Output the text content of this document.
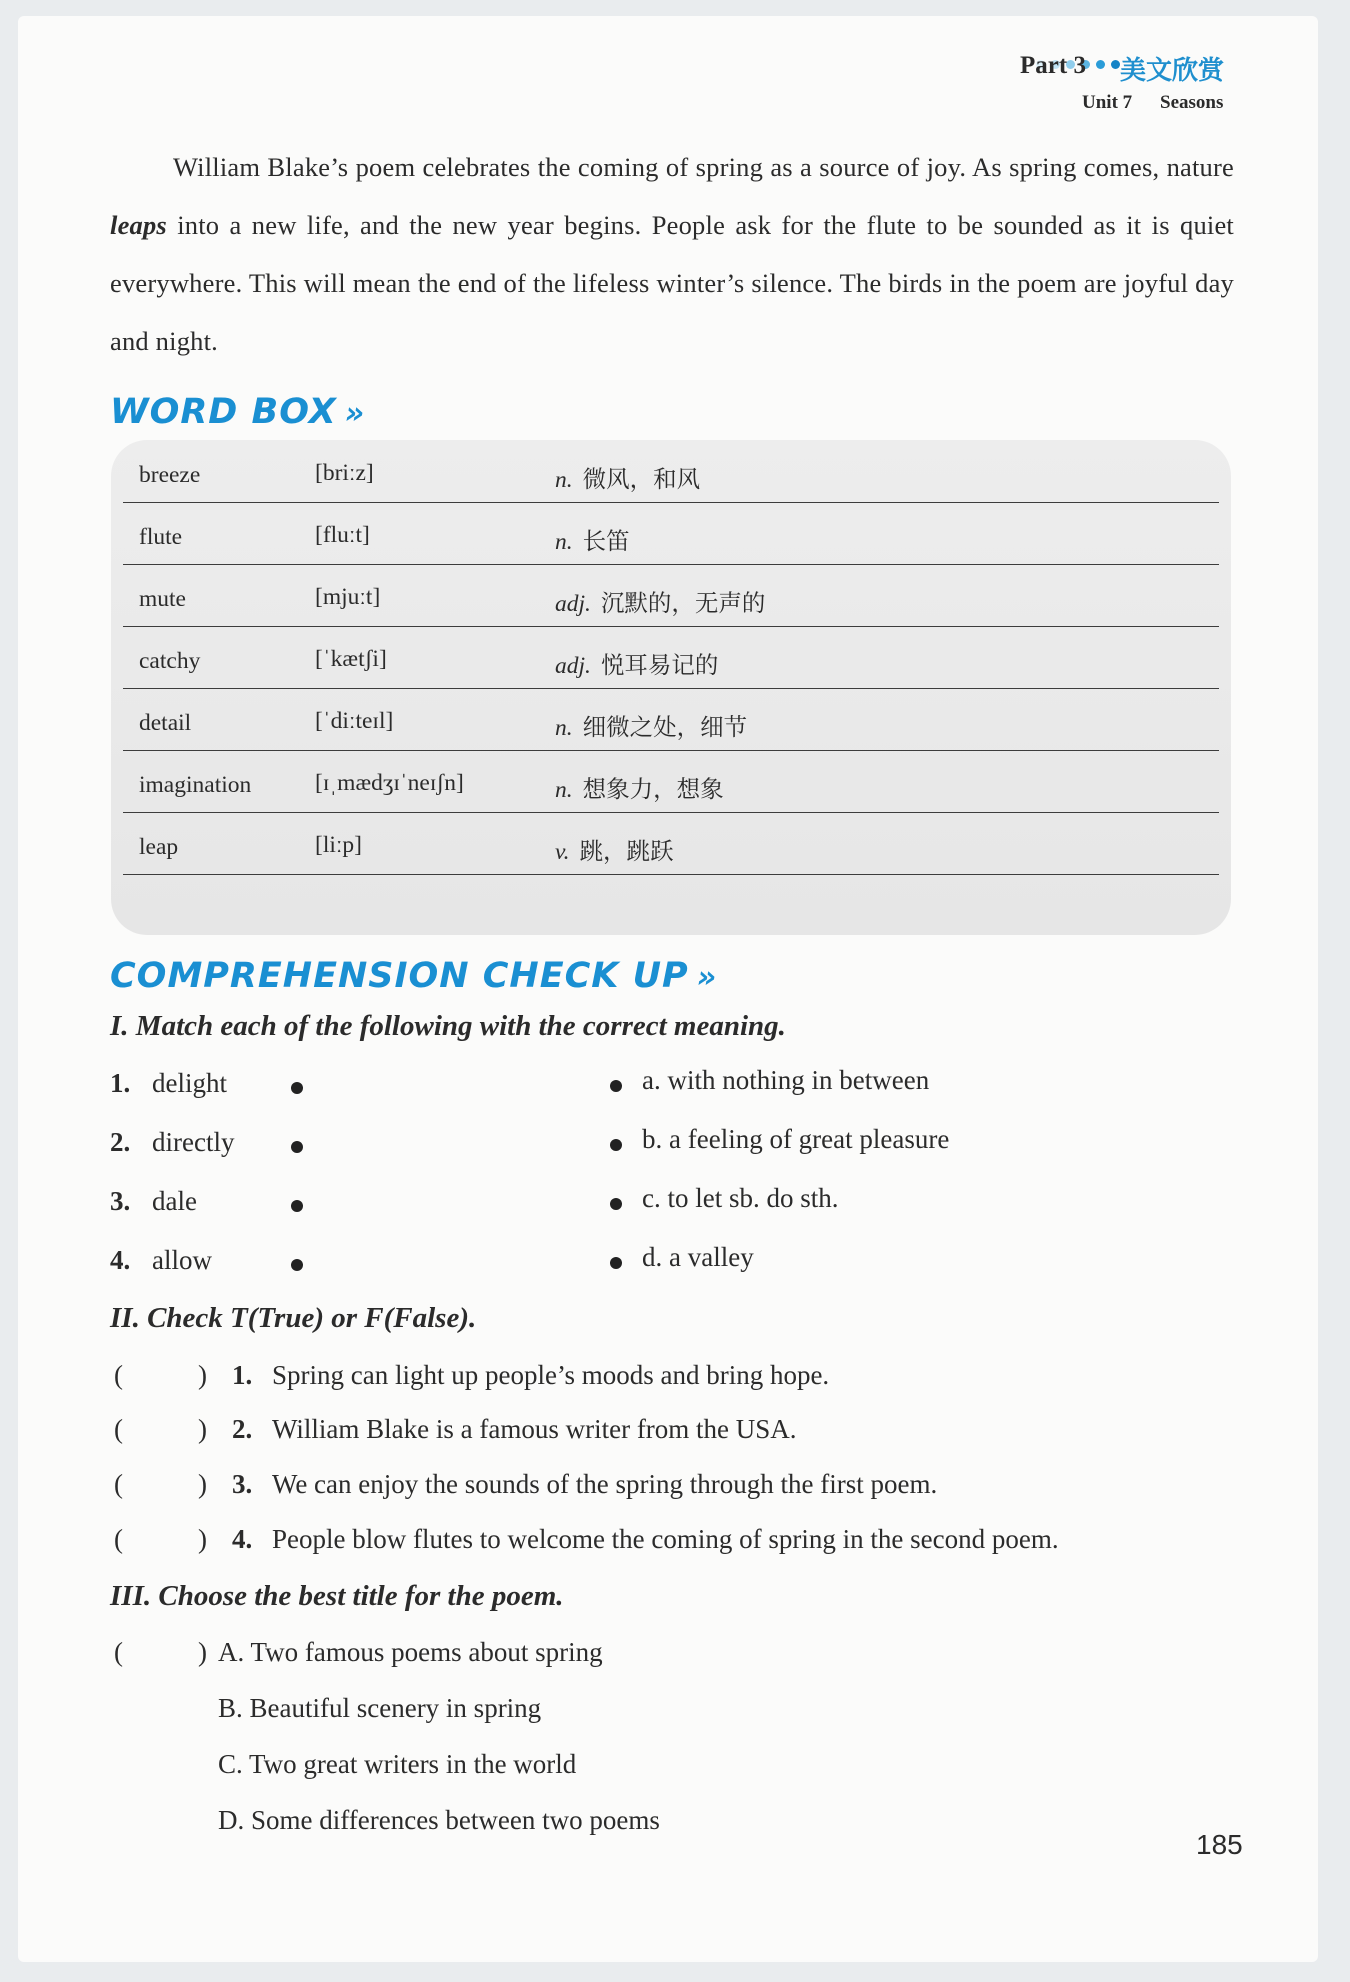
Part 3 美文欣赏
Unit 7 Seasons
William Blake’s poem celebrates the coming of spring as a source of joy. As spring comes, nature leaps into a new life, and the new year begins. People ask for the flute to be sounded as it is quiet everywhere. This will mean the end of the lifeless winter’s silence. The birds in the poem are joyful day and night.
WORD BOX »
breeze	[briːz]	n. 微风，和风
flute	[fluːt]	n. 长笛
mute	[mjuːt]	adj. 沉默的，无声的
catchy	[ˈkætʃi]	adj. 悦耳易记的
detail	[ˈdiːteɪl]	n. 细微之处，细节
imagination	[ɪˌmædʒɪˈneɪʃn]	n. 想象力，想象
leap	[liːp]	v. 跳，跳跃
COMPREHENSION CHECK UP »
I. Match each of the following with the correct meaning.
1. delight	a. with nothing in between
2. directly	b. a feeling of great pleasure
3. dale	c. to let sb. do sth.
4. allow	d. a valley
II. Check T(True) or F(False).
(	) 1. Spring can light up people’s moods and bring hope.
(	) 2. William Blake is a famous writer from the USA.
(	) 3. We can enjoy the sounds of the spring through the first poem.
(	) 4. People blow flutes to welcome the coming of spring in the second poem.
III. Choose the best title for the poem.
(	) A. Two famous poems about spring
B. Beautiful scenery in spring
C. Two great writers in the world
D. Some differences between two poems
185
